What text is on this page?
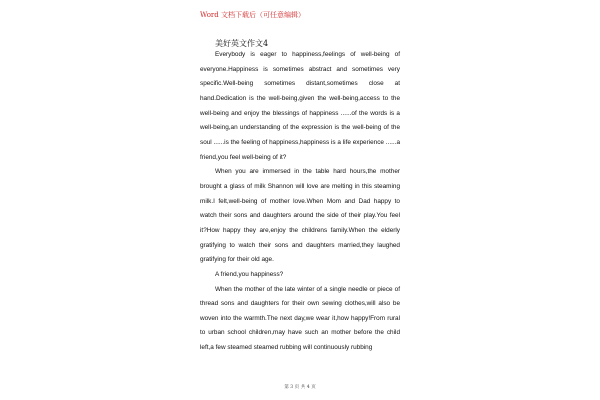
Word 文档下载后（可任意编辑）
美好英文作文4

Everybody is eager to happiness,feelings of well-being of everyone.Happiness is sometimes abstract and sometimes very specific.Well-being sometimes distant,sometimes close at hand.Dedication is the well-being,given the well-being,access to the well-being and enjoy the blessings of happiness ......of the words is a well-being,an understanding of the expression is the well-being of the soul ......is the feeling of happiness,happiness is a life experience ......a friend,you feel well-being of it?

When you are immersed in the table hard hours,the mother brought a glass of milk Shannon will love are melting in this steaming milk.I felt,well-being of mother love.When Mom and Dad happy to watch their sons and daughters around the side of their play.You feel it?How happy they are,enjoy the childrens family.When the elderly gratifying to watch their sons and daughters married,they laughed gratifying for their old age.

A friend,you happiness?

When the mother of the late winter of a single needle or piece of thread sons and daughters for their own sewing clothes,will also be woven into the warmth.The next day,we wear it,how happy!From rural to urban school children,may have such an mother before the child left,a few steamed steamed rubbing will continuously rubbing

第 3 页 共 4 页
